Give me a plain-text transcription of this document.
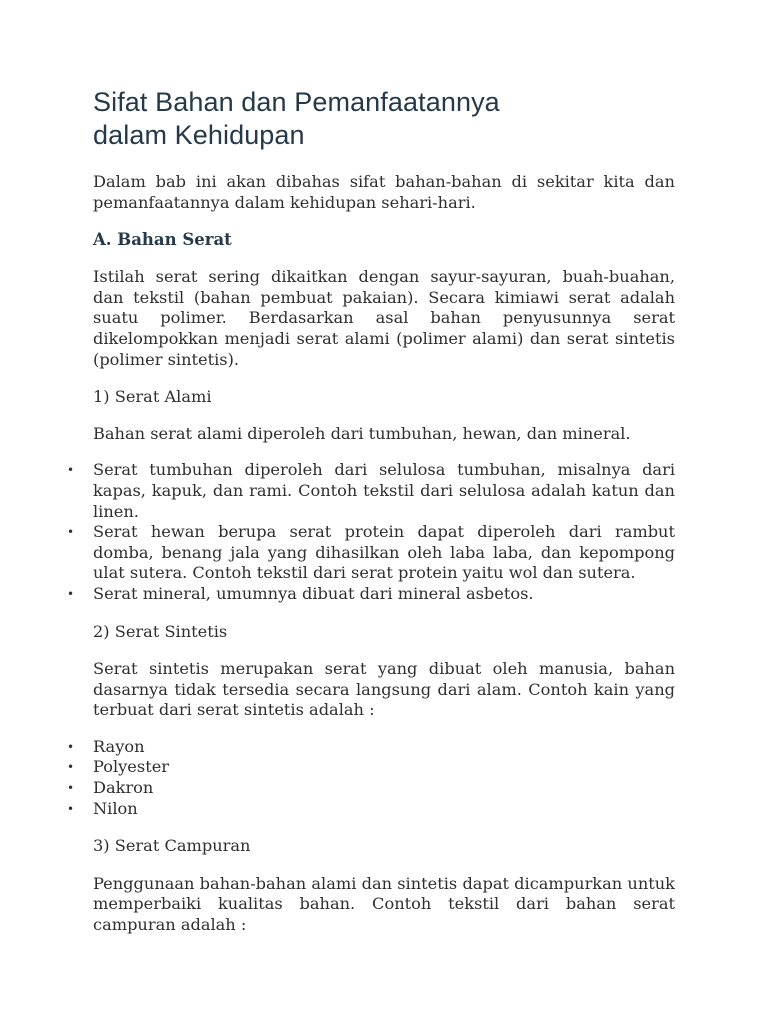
Sifat Bahan dan Pemanfaatannya
dalam Kehidupan

Dalam bab ini akan dibahas sifat bahan-bahan di sekitar kita dan pemanfaatannya dalam kehidupan sehari-hari.

A. Bahan Serat

Istilah serat sering dikaitkan dengan sayur-sayuran, buah-buahan, dan tekstil (bahan pembuat pakaian). Secara kimiawi serat adalah suatu polimer. Berdasarkan asal bahan penyusunnya serat dikelompokkan menjadi serat alami (polimer alami) dan serat sintetis (polimer sintetis).

1) Serat Alami

Bahan serat alami diperoleh dari tumbuhan, hewan, dan mineral.

• Serat tumbuhan diperoleh dari selulosa tumbuhan, misalnya dari kapas, kapuk, dan rami. Contoh tekstil dari selulosa adalah katun dan linen.
• Serat hewan berupa serat protein dapat diperoleh dari rambut domba, benang jala yang dihasilkan oleh laba laba, dan kepompong ulat sutera. Contoh tekstil dari serat protein yaitu wol dan sutera.
• Serat mineral, umumnya dibuat dari mineral asbetos.

2) Serat Sintetis

Serat sintetis merupakan serat yang dibuat oleh manusia, bahan dasarnya tidak tersedia secara langsung dari alam. Contoh kain yang terbuat dari serat sintetis adalah :

• Rayon
• Polyester
• Dakron
• Nilon

3) Serat Campuran

Penggunaan bahan-bahan alami dan sintetis dapat dicampurkan untuk memperbaiki kualitas bahan. Contoh tekstil dari bahan serat campuran adalah :
